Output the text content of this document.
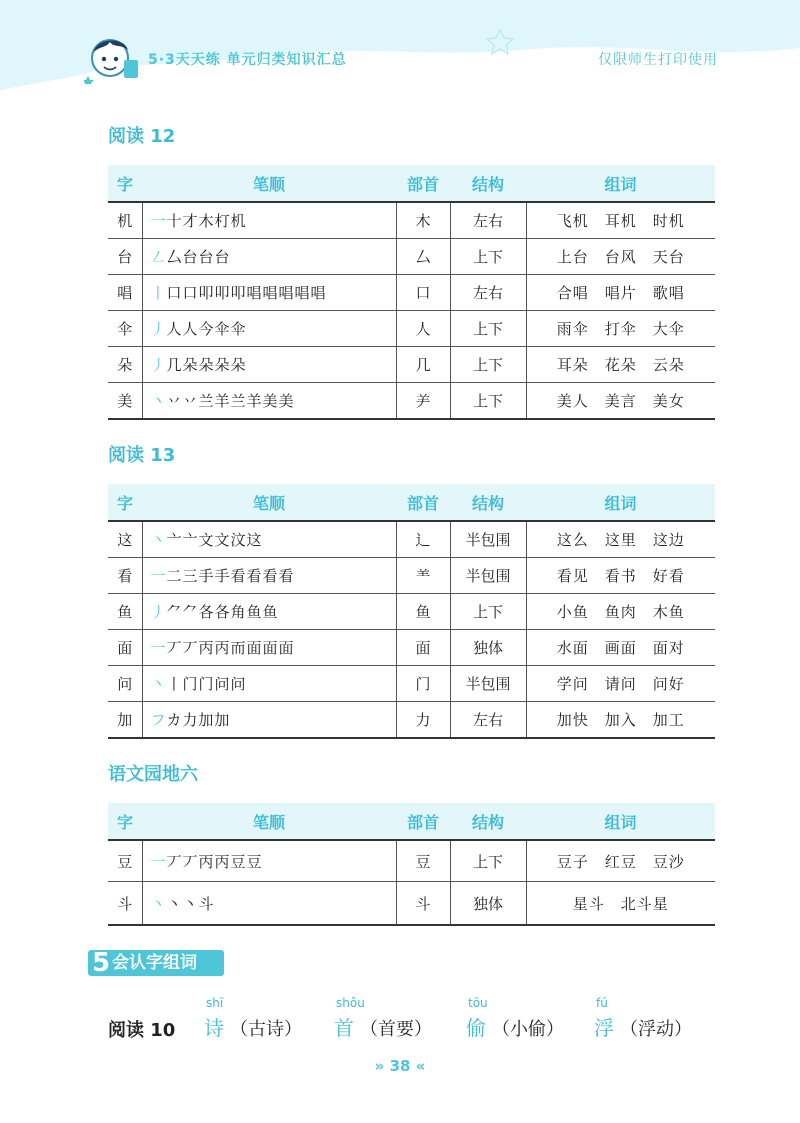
5·3天天练 单元归类知识汇总	仅限师生打印使用
阅读 12
字	笔顺	部首	结构	组词
机	一十才木朾机	木	左右	飞机　耳机　时机
台	㇜厶台台台	厶	上下	上台　台风　天台
唱	丨口口叩叩叩唱唱唱唱唱	口	左右	合唱　唱片　歌唱
伞	丿人人今伞伞	人	上下	雨伞　打伞　大伞
朵	丿几朵朵朵朵	几	上下	耳朵　花朵　云朵
美	丶丷丷兰羊兰羊美美	⺶	上下	美人　美言　美女
阅读 13
字	笔顺	部首	结构	组词
这	丶亠亠文文汶这	辶	半包围	这么　这里　这边
看	一二三手手看看看看	⺷	半包围	看见　看书　好看
鱼	丿⺈⺈各各角鱼鱼	鱼	上下	小鱼　鱼肉　木鱼
面	一丆丆丙丙而面面面	面	独体	水面　画面　面对
问	丶丨门门问问	门	半包围	学问　请问　问好
加	フカ力加加	力	左右	加快　加入　加工
语文园地六
字	笔顺	部首	结构	组词
豆	一丆丆丙丙豆豆	豆	上下	豆子　红豆　豆沙
斗	丶丶丶斗	斗	独体	星斗　北斗星
5 会认字组词
阅读 10
shī
诗 （古诗）
shǒu
首 （首要）
tōu
偷 （小偷）
fú
浮 （浮动）
» 38 «
